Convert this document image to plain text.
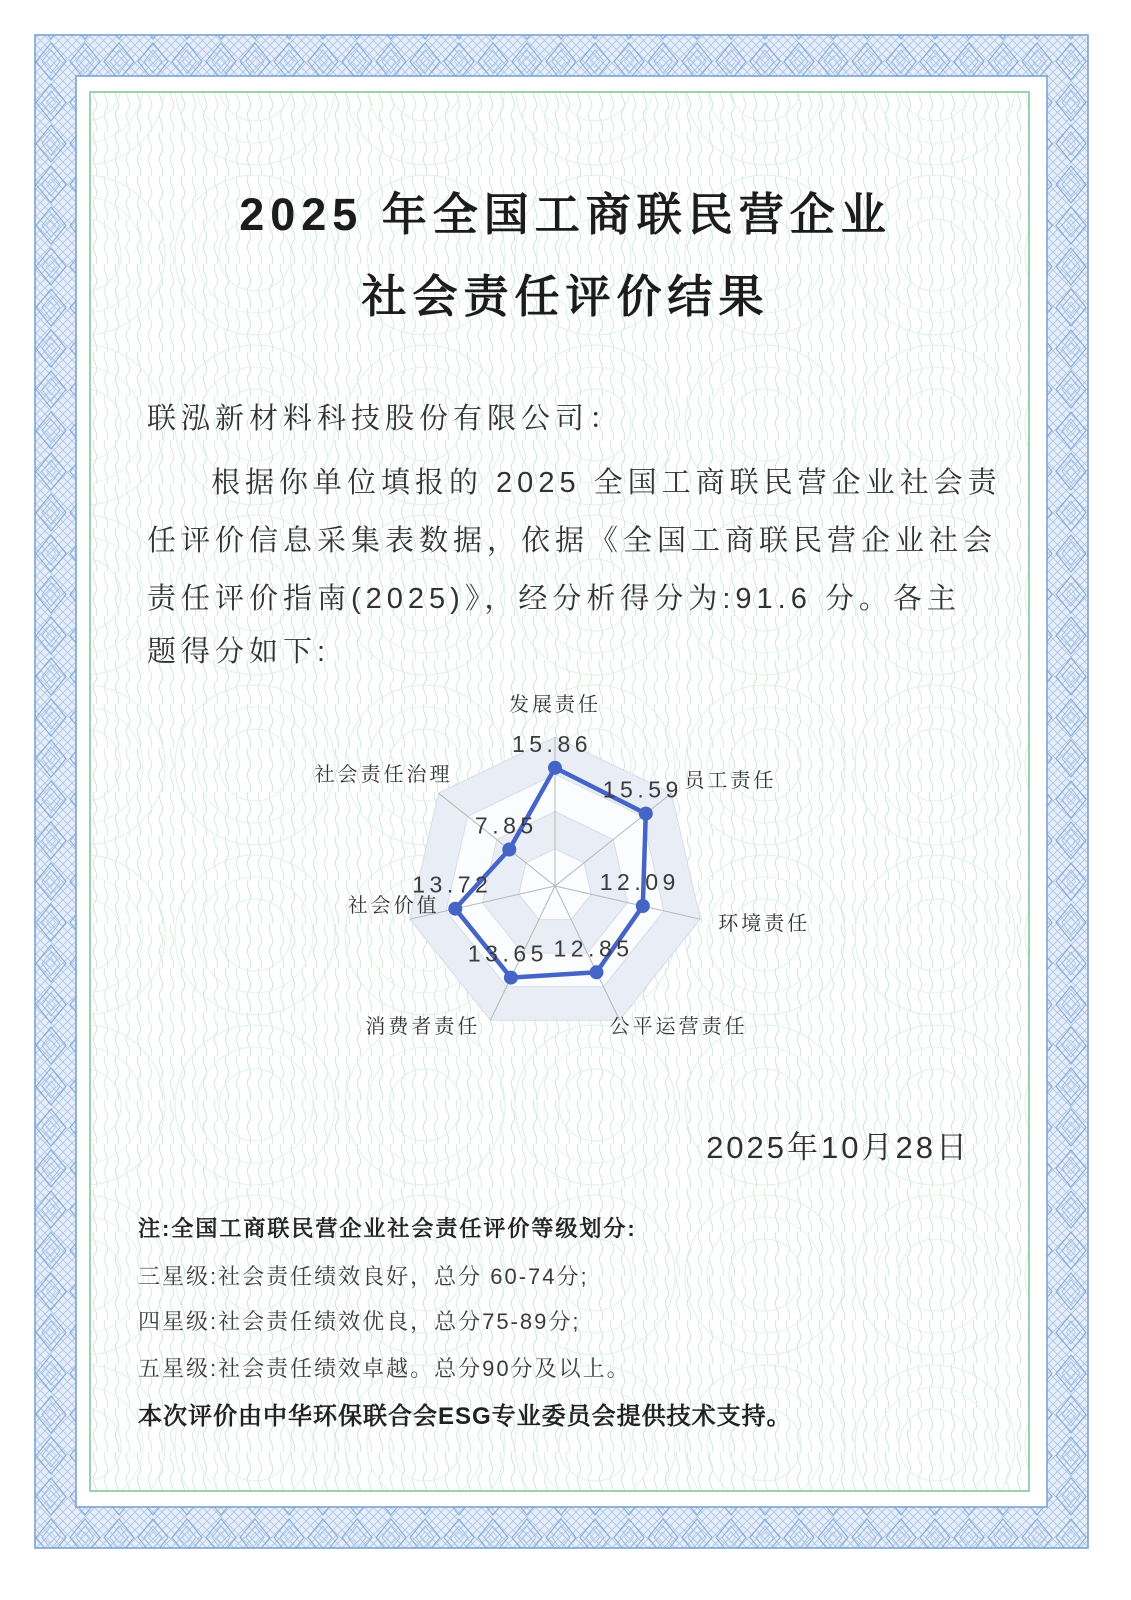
2025 年全国工商联民营企业
社会责任评价结果
联泓新材料科技股份有限公司：
根据你单位填报的 2025 全国工商联民营企业社会责
任评价信息采集表数据，依据《全国工商联民营企业社会
责任评价指南(2025)》，经分析得分为:91.6 分。各主
题得分如下:
15.86
15.59
12.09
12.85
13.65
13.72
7.85
发展责任
员工责任
环境责任
公平运营责任
消费者责任
社会价值
社会责任治理
2025年10月28日
注:全国工商联民营企业社会责任评价等级划分:
三星级:社会责任绩效良好，总分 60-74分;
四星级:社会责任绩效优良，总分75-89分;
五星级:社会责任绩效卓越。总分90分及以上。
本次评价由中华环保联合会ESG专业委员会提供技术支持。
